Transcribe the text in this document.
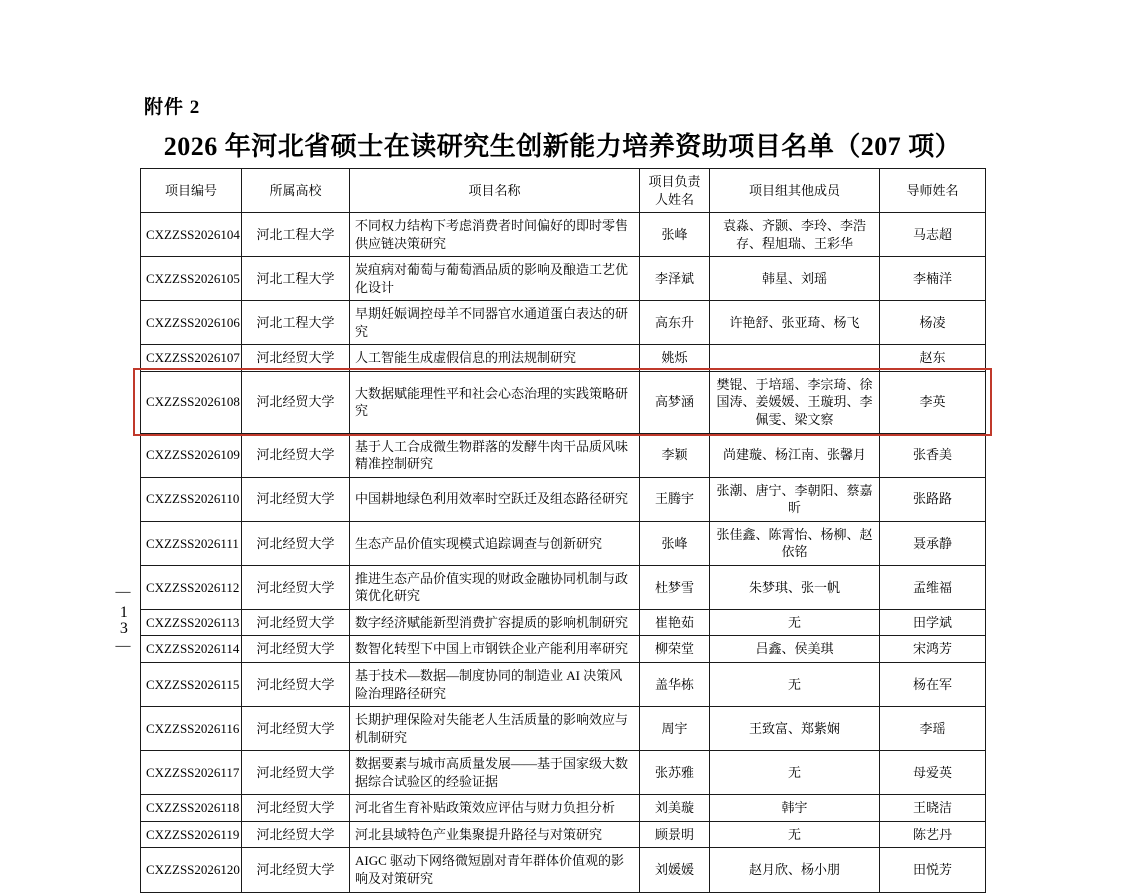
附件 2
2026 年河北省硕士在读研究生创新能力培养资助项目名单（207 项）
项目编号	所属高校	项目名称	项目负责人姓名	项目组其他成员	导师姓名
CXZZSS2026104	河北工程大学	不同权力结构下考虑消费者时间偏好的即时零售供应链决策研究	张峰	袁淼、齐颢、李玲、李浩存、程旭瑞、王彩华	马志超
CXZZSS2026105	河北工程大学	炭疽病对葡萄与葡萄酒品质的影响及酿造工艺优化设计	李泽斌	韩星、刘瑶	李楠洋
CXZZSS2026106	河北工程大学	早期妊娠调控母羊不同器官水通道蛋白表达的研究	高东升	许艳舒、张亚琦、杨飞	杨凌
CXZZSS2026107	河北经贸大学	人工智能生成虚假信息的刑法规制研究	姚烁		赵东
CXZZSS2026108	河北经贸大学	大数据赋能理性平和社会心态治理的实践策略研究	高梦涵	樊锟、于培瑶、李宗琦、徐国涛、姜媛媛、王璇玥、李佩雯、梁文察	李英
CXZZSS2026109	河北经贸大学	基于人工合成微生物群落的发酵牛肉干品质风味精准控制研究	李颖	尚建璇、杨江南、张馨月	张香美
CXZZSS2026110	河北经贸大学	中国耕地绿色利用效率时空跃迁及组态路径研究	王腾宇	张潮、唐宁、李朝阳、蔡嘉昕	张路路
CXZZSS2026111	河北经贸大学	生态产品价值实现模式追踪调查与创新研究	张峰	张佳鑫、陈霄怡、杨柳、赵依铭	聂承静
CXZZSS2026112	河北经贸大学	推进生态产品价值实现的财政金融协同机制与政策优化研究	杜梦雪	朱梦琪、张一帆	孟维福
CXZZSS2026113	河北经贸大学	数字经济赋能新型消费扩容提质的影响机制研究	崔艳茹	无	田学斌
CXZZSS2026114	河北经贸大学	数智化转型下中国上市钢铁企业产能利用率研究	柳荣堂	吕鑫、侯美琪	宋鸿芳
CXZZSS2026115	河北经贸大学	基于技术—数据—制度协同的制造业 AI 决策风险治理路径研究	盖华栋	无	杨在军
CXZZSS2026116	河北经贸大学	长期护理保险对失能老人生活质量的影响效应与机制研究	周宇	王致富、郑紫娴	李瑶
CXZZSS2026117	河北经贸大学	数据要素与城市高质量发展——基于国家级大数据综合试验区的经验证据	张苏雅	无	母爱英
CXZZSS2026118	河北经贸大学	河北省生育补贴政策效应评估与财力负担分析	刘美璇	韩宇	王晓洁
CXZZSS2026119	河北经贸大学	河北县域特色产业集聚提升路径与对策研究	顾景明	无	陈艺丹
CXZZSS2026120	河北经贸大学	AIGC 驱动下网络微短剧对青年群体价值观的影响及对策研究	刘媛媛	赵月欣、杨小朋	田悦芳
—
13
—
